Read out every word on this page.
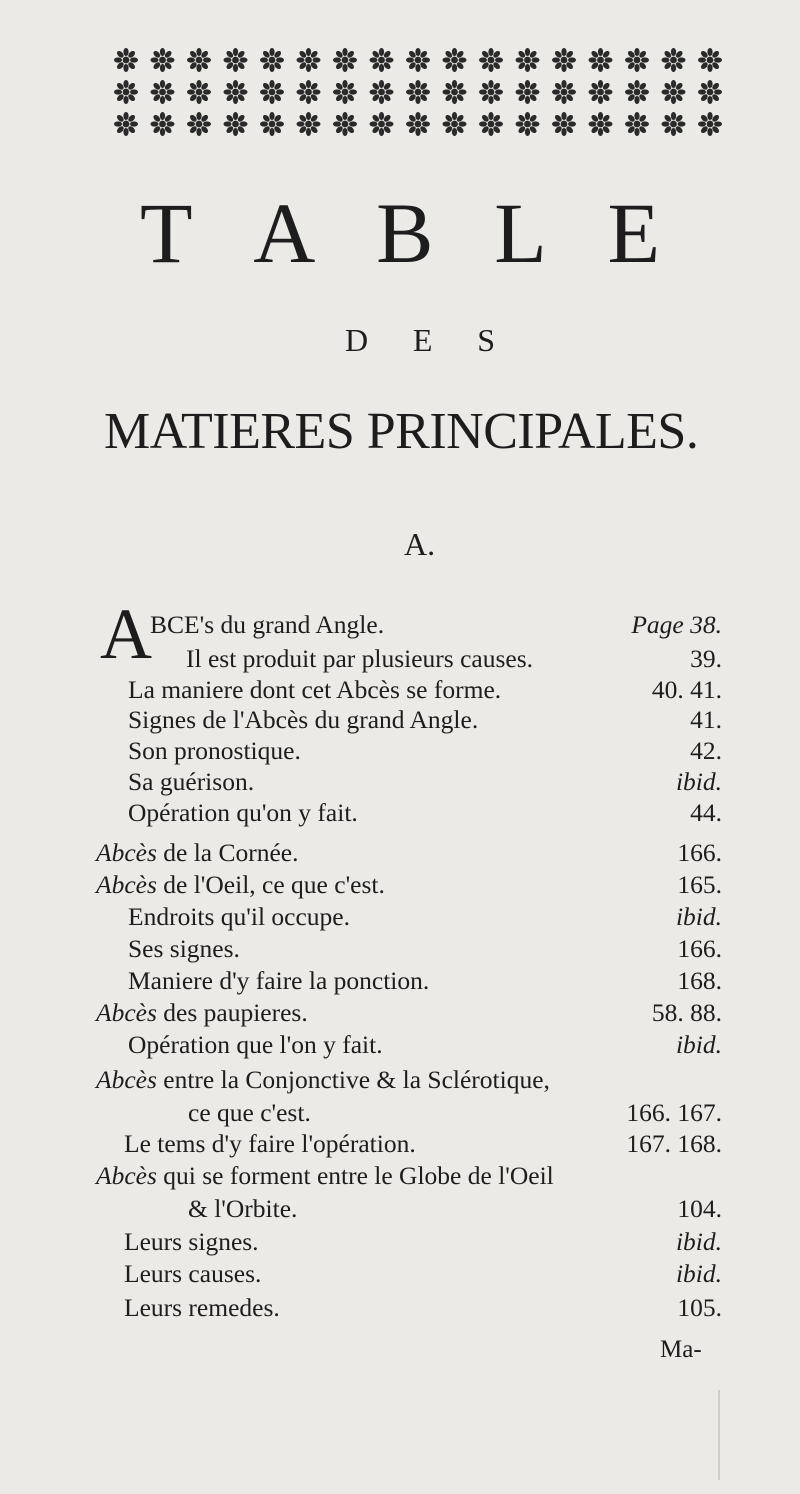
T A B L E
D E S
MATIERES PRINCIPALES.
A.
A
BCE's du grand Angle.	Page 38.
Il est produit par plusieurs causes.	39.
La maniere dont cet Abcès se forme.	40. 41.
Signes de l'Abcès du grand Angle.	41.
Son pronostique.	42.
Sa guérison.	ibid.
Opération qu'on y fait.	44.
Abcès de la Cornée.	166.
Abcès de l'Oeil, ce que c'est.	165.
Endroits qu'il occupe.	ibid.
Ses signes.	166.
Maniere d'y faire la ponction.	168.
Abcès des paupieres.	58. 88.
Opération que l'on y fait.	ibid.
Abcès entre la Conjonctive & la Sclérotique,
ce que c'est.	166. 167.
Le tems d'y faire l'opération.	167. 168.
Abcès qui se forment entre le Globe de l'Oeil
& l'Orbite.	104.
Leurs signes.	ibid.
Leurs causes.	ibid.
Leurs remedes.	105.
Ma-
